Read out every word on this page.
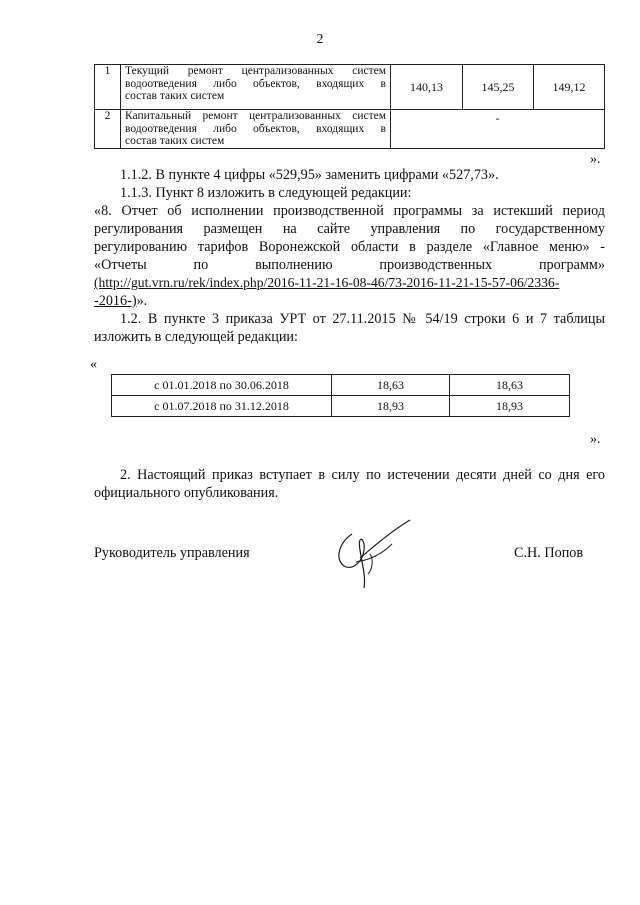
2
1	Текущий ремонт централизованных систем
водоотведения либо объектов, входящих в
состав таких систем	140,13	145,25	149,12
2	Капитальный ремонт централизованных систем
водоотведения либо объектов, входящих в
состав таких систем	-		
».
1.1.2. В пункте 4 цифры «529,95» заменить цифрами «527,73».
1.1.3. Пункт 8 изложить в следующей редакции:
«8. Отчет об исполнении производственной программы за истекший период
регулирования размещен на сайте управления по государственному
регулированию тарифов Воронежской области в разделе «Главное меню» -
«Отчеты по выполнению производственных программ»
(http://gut.vrn.ru/rek/index.php/2016-11-21-16-08-46/73-2016-11-21-15-57-06/2336-
-2016-)».
1.2. В пункте 3 приказа УРТ от 27.11.2015 № 54/19 строки 6 и 7 таблицы
изложить в следующей редакции:
«
с 01.01.2018 по 30.06.2018	18,63	18,63
с 01.07.2018 по 31.12.2018	18,93	18,93
».
2. Настоящий приказ вступает в силу по истечении десяти дней со дня его
официального опубликования.
Руководитель управления	С.Н. Попов
